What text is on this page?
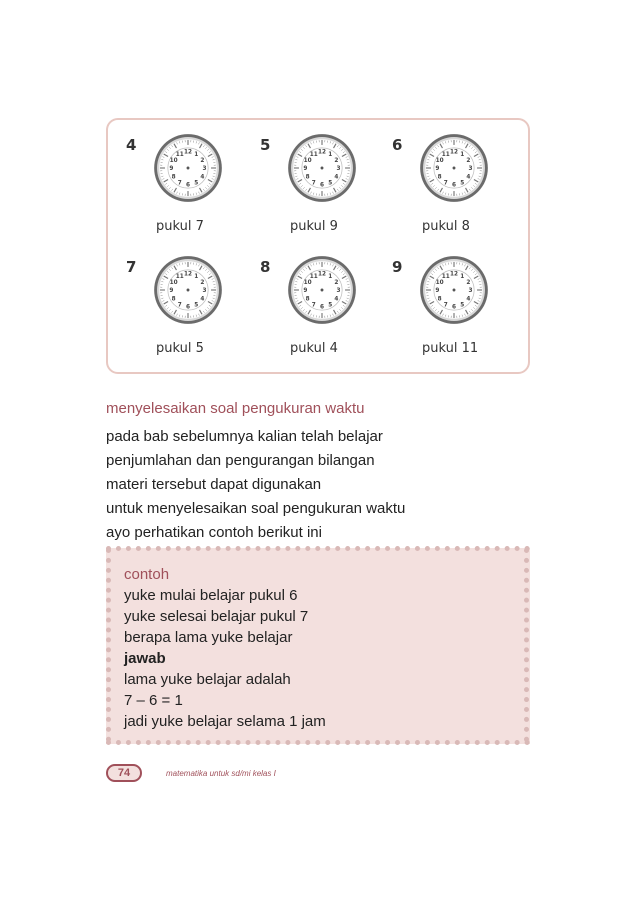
4	12 1
2
3
4
5
6
7
8
9
10
11
pukul 7
5	12 1
2
3
4
5
6
7
8
9
10
11
pukul 9
6	12 1
2
3
4
5
6
7
8
9
10
11
pukul 8
7	12 1
2
3
4
5
6
7
8
9
10
11
pukul 5
8	12 1
2
3
4
5
6
7
8
9
10
11
pukul 4
9	12 1
2
3
4
5
6
7
8
9
10
11
pukul 11
menyelesaikan soal pengukuran waktu
pada bab sebelumnya kalian telah belajar
penjumlahan dan pengurangan bilangan
materi tersebut dapat digunakan
untuk menyelesaikan soal pengukuran waktu
ayo perhatikan contoh berikut ini
contoh
yuke mulai belajar pukul 6
yuke selesai belajar pukul 7
berapa lama yuke belajar
jawab
lama yuke belajar adalah
7 – 6 = 1
jadi yuke belajar selama 1 jam
74	matematika untuk sd/mi kelas I
